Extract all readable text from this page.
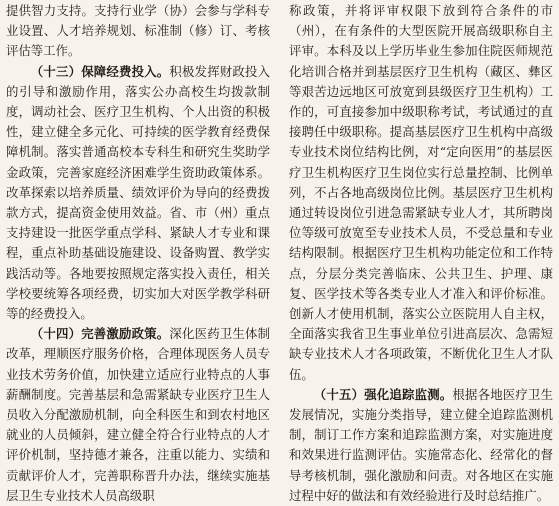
提供智力支持。支持行业学（协）会参与学科专业设置、人才培养规划、标准制（修）订、考核评估等工作。

（十三）保障经费投入。积极发挥财政投入的引导和激励作用，落实公办高校生均拨款制度，调动社会、医疗卫生机构、个人出资的积极性，建立健全多元化、可持续的医学教育经费保障机制。落实普通高校本专科生和研究生奖助学金政策，完善家庭经济困难学生资助政策体系。改革探索以培养质量、绩效评价为导向的经费拨款方式，提高资金使用效益。省、市（州）重点支持建设一批医学重点学科、紧缺人才专业和课程，重点补助基础设施建设、设备购置、教学实践活动等。各地要按照规定落实投入责任，相关学校要统筹各项经费，切实加大对医学教学科研等的经费投入。

（十四）完善激励政策。深化医药卫生体制改革，理顺医疗服务价格，合理体现医务人员专业技术劳务价值，加快建立适应行业特点的人事薪酬制度。完善基层和急需紧缺专业医疗卫生人员收入分配激励机制，向全科医生和到农村地区就业的人员倾斜，建立健全符合行业特点的人才评价机制，坚持德才兼各，注重以能力、实绩和贡献评价人才，完善职称晋升办法，继续实施基层卫生专业技术人员高级职

称政策，并将评审权限下放到符合条件的市（州），在有条件的大型医院开展高级职称自主评审。本科及以上学历毕业生参加住院医师规范化培训合格并到基层医疗卫生机构（藏区、彝区等艰苦边远地区可放宽到县级医疗卫生机构）工作的，可直接参加中级职称考试，考试通过的直接聘任中级职称。提高基层医疗卫生机构中高级专业技术岗位结构比例，对“定向医用”的基层医疗卫生机构医疗卫生岗位实行总量控制、比例单列，不占各地高级岗位比例。基层医疗卫生机构通过转设岗位引进急需紧缺专业人才，其所聘岗位等级可放宽至专业技术人员，不受总量和专业结构限制。根据医疗卫生机构功能定位和工作特点，分层分类完善临床、公共卫生、护理、康复、医学技术等各类专业人才准入和评价标准。创新人才使用机制，落实公立医院用人自主权，全面落实我省卫生事业单位引进高层次、急需短缺专业技术人才各项政策，不断优化卫生人才队伍。

（十五）强化追踪监测。根据各地医疗卫生发展情况，实施分类指导，建立健全追踪监测机制，制订工作方案和追踪监测方案，对实施进度和效果进行监测评估。实施常态化、经常化的督导考核机制，强化激励和问责。对各地区在实施过程中好的做法和有效经验进行及时总结推广。
